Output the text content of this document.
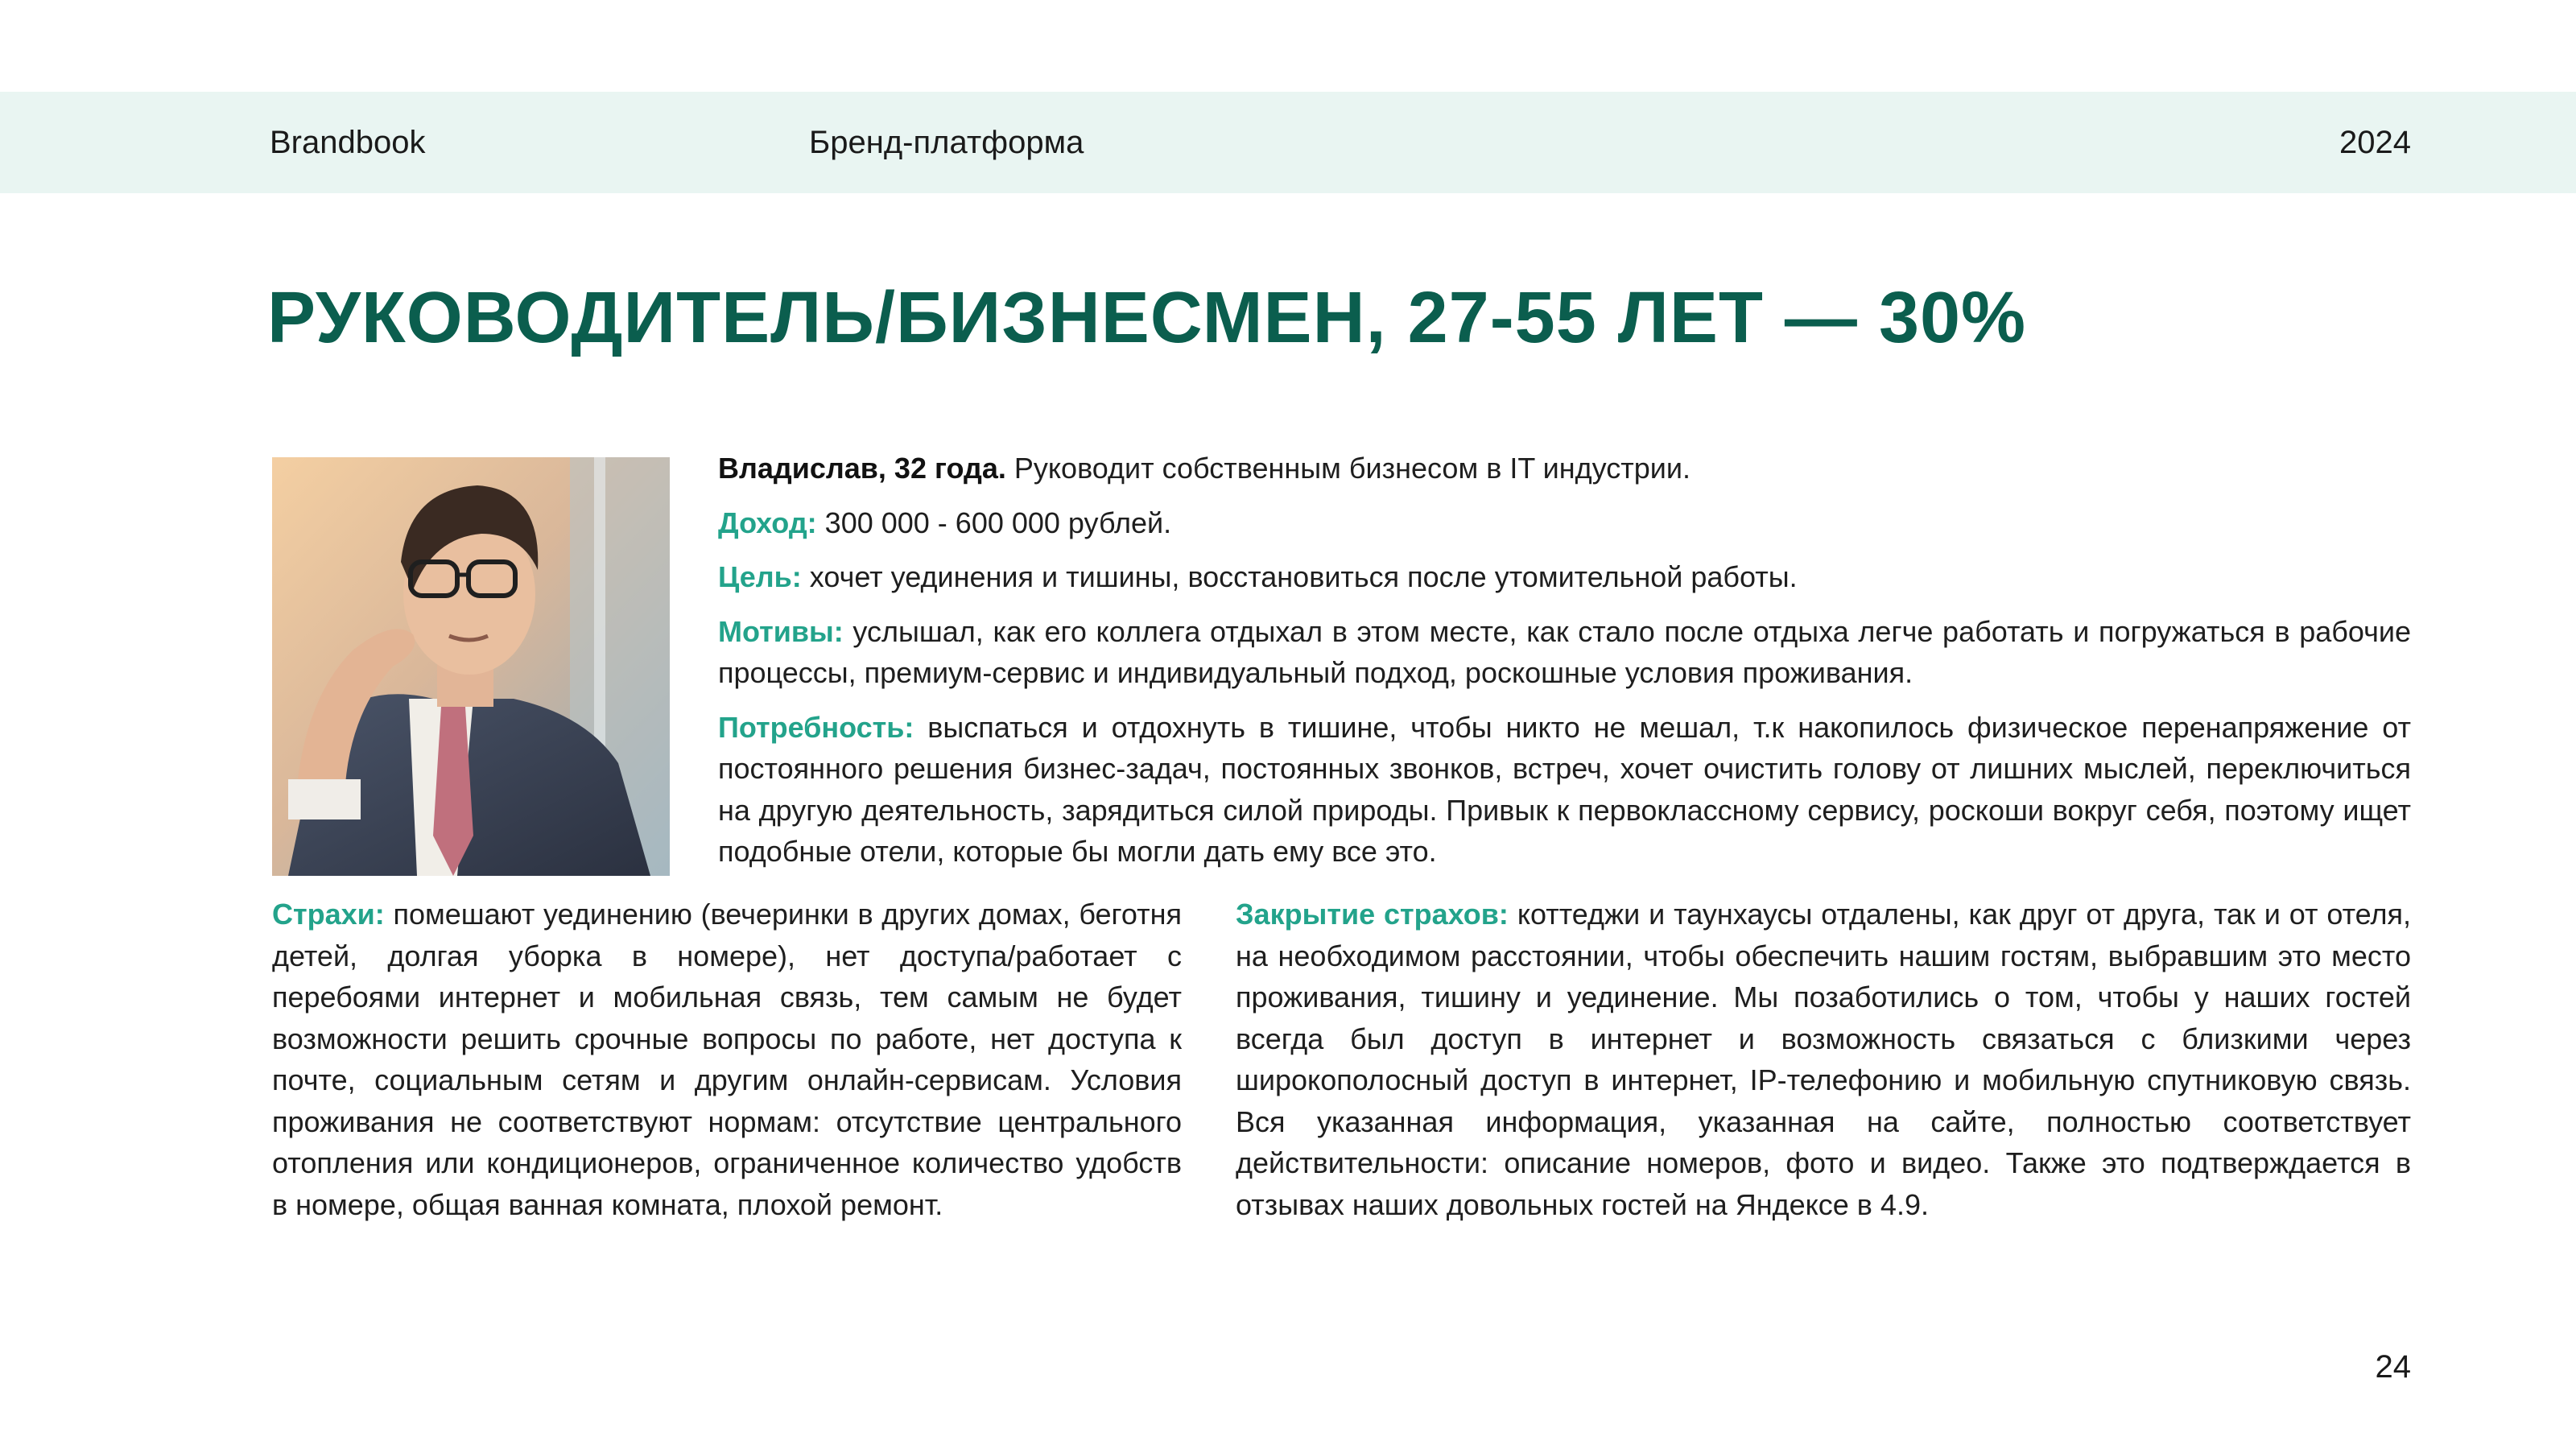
Brandbook	Бренд-платформа	2024
РУКОВОДИТЕЛЬ/БИЗНЕСМЕН, 27-55 ЛЕТ — 30%

Владислав, 32 года. Руководит собственным бизнесом в IT индустрии.

Доход: 300 000 - 600 000 рублей.

Цель: хочет уединения и тишины, восстановиться после утомительной работы.

Мотивы: услышал, как его коллега отдыхал в этом месте, как стало после отдыха легче работать и погружаться в рабочие процессы, премиум-сервис и индивидуальный подход, роскошные условия проживания.

Потребность: выспаться и отдохнуть в тишине, чтобы никто не мешал, т.к накопилось физическое перенапряжение от постоянного решения бизнес-задач, постоянных звонков, встреч, хочет очистить голову от лишних мыслей, переключиться на другую деятельность, зарядиться силой природы. Привык к первоклассному сервису, роскоши вокруг себя, поэтому ищет подобные отели, которые бы могли дать ему все это.

Страхи: помешают уединению (вечеринки в других домах, беготня детей, долгая уборка в номере), нет доступа/работает с перебоями интернет и мобильная связь, тем самым не будет возможности решить срочные вопросы по работе, нет доступа к почте, социальным сетям и другим онлайн-сервисам. Условия проживания не соответствуют нормам: отсутствие центрального отопления или кондиционеров, ограниченное количество удобств в номере, общая ванная комната, плохой ремонт.

Закрытие страхов: коттеджи и таунхаусы отдалены, как друг от друга, так и от отеля, на необходимом расстоянии, чтобы обеспечить нашим гостям, выбравшим это место проживания, тишину и уединение. Мы позаботились о том, чтобы у наших гостей всегда был доступ в интернет и возможность связаться с близкими через широкополосный доступ в интернет, IP-телефонию и мобильную спутниковую связь. Вся указанная информация, указанная на сайте, полностью соответствует действительности: описание номеров, фото и видео. Также это подтверждается в отзывах наших довольных гостей на Яндексе в 4.9.

24
